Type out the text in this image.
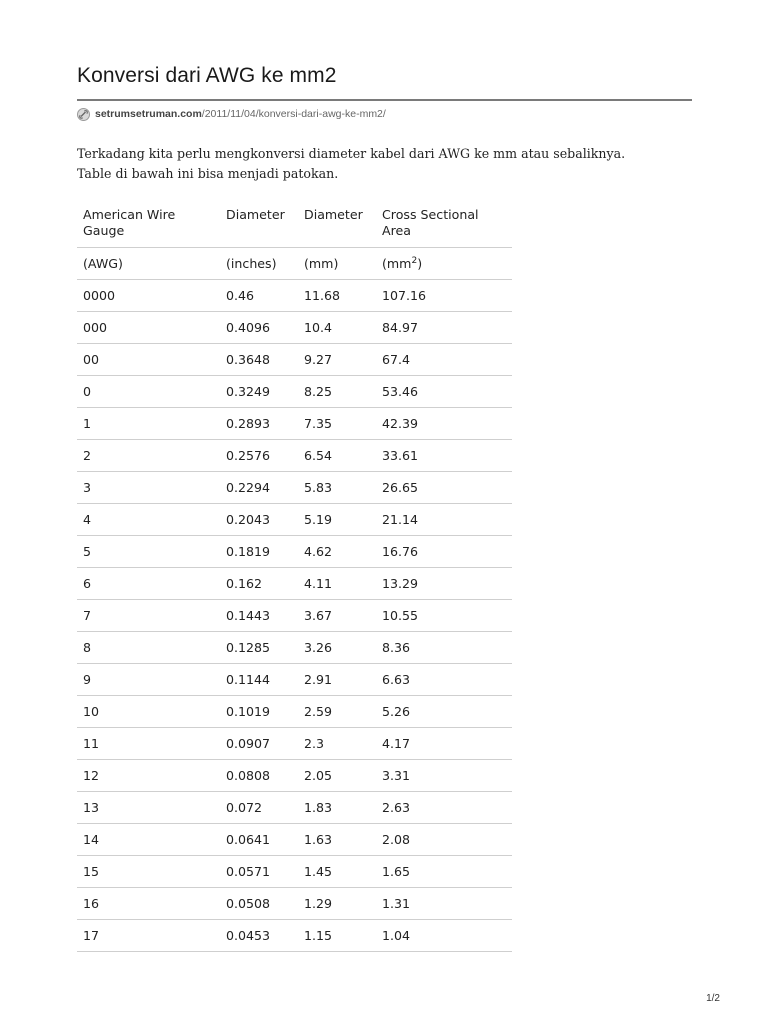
Konversi dari AWG ke mm2
setrumsetruman.com /2011/11/04/konversi-dari-awg-ke-mm2/

Terkadang kita perlu mengkonversi diameter kabel dari AWG ke mm atau sebaliknya.

Table di bawah ini bisa menjadi patokan.

American Wire Gauge	Diameter	Diameter	Cross Sectional Area
(AWG)	(inches)	(mm)	$(mm^2)$
0000	0.46	11.68	107.16
000	0.4096	10.4	84.97
00	0.3648	9.27	67.4
0	0.3249	8.25	53.46
1	0.2893	7.35	42.39
2	0.2576	6.54	33.61
3	0.2294	5.83	26.65
4	0.2043	5.19	21.14
5	0.1819	4.62	16.76
6	0.162	4.11	13.29
7	0.1443	3.67	10.55
8	0.1285	3.26	8.36
9	0.1144	2.91	6.63
10	0.1019	2.59	5.26
11	0.0907	2.3	4.17
12	0.0808	2.05	3.31
13	0.072	1.83	2.63
14	0.0641	1.63	2.08
15	0.0571	1.45	1.65
16	0.0508	1.29	1.31
17	0.0453	1.15	1.04
1/2
